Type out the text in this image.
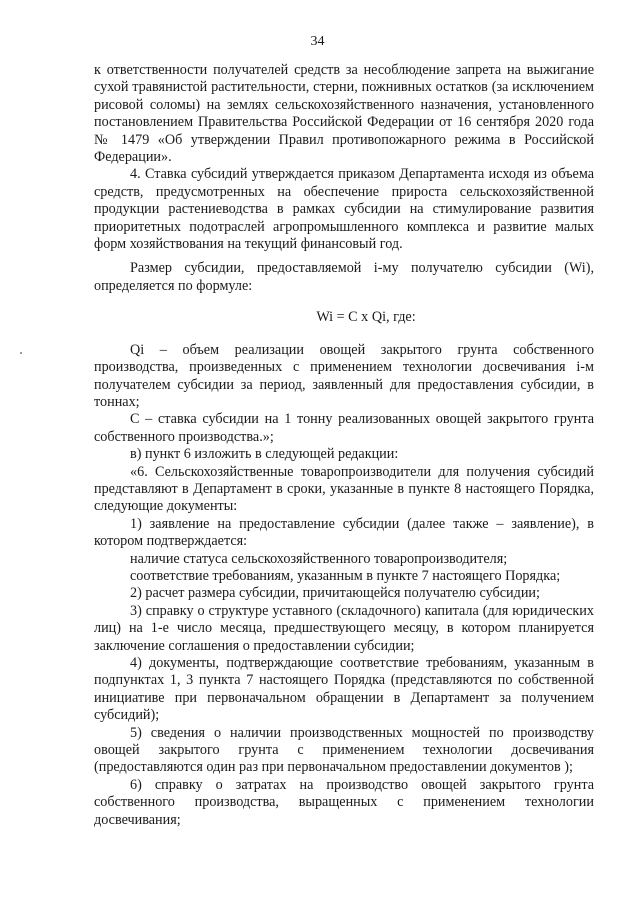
34

к ответственности получателей средств за несоблюдение запрета на выжигание сухой травянистой растительности, стерни, пожнивных остатков (за исключением рисовой соломы) на землях сельскохозяйственного назначения, установленного постановлением Правительства Российской Федерации от 16 сентября 2020 года № 1479 «Об утверждении Правил противопожарного режима в Российской Федерации».

4. Ставка субсидий утверждается приказом Департамента исходя из объема средств, предусмотренных на обеспечение прироста сельскохозяйственной продукции растениеводства в рамках субсидии на стимулирование развития приоритетных подотраслей агропромышленного комплекса и развитие малых форм хозяйствования на текущий финансовый год.

Размер субсидии, предоставляемой i-му получателю субсидии (Wi), определяется по формуле:

Wi = C x Qi, где:

Qi – объем реализации овощей закрытого грунта собственного производства, произведенных с применением технологии досвечивания i-м получателем субсидии за период, заявленный для предоставления субсидии, в тоннах;

С – ставка субсидии на 1 тонну реализованных овощей закрытого грунта собственного производства.»;

в) пункт 6 изложить в следующей редакции:

«6. Сельскохозяйственные товаропроизводители для получения субсидий представляют в Департамент в сроки, указанные в пункте 8 настоящего Порядка, следующие документы:

1) заявление на предоставление субсидии (далее также – заявление), в котором подтверждается:

наличие статуса сельскохозяйственного товаропроизводителя;

соответствие требованиям, указанным в пункте 7 настоящего Порядка;

2) расчет размера субсидии, причитающейся получателю субсидии;

3) справку о структуре уставного (складочного) капитала (для юридических лиц) на 1-е число месяца, предшествующего месяцу, в котором планируется заключение соглашения о предоставлении субсидии;

4) документы, подтверждающие соответствие требованиям, указанным в подпунктах 1, 3 пункта 7 настоящего Порядка (представляются по собственной инициативе при первоначальном обращении в Департамент за получением субсидий);

5) сведения о наличии производственных мощностей по производству овощей закрытого грунта с применением технологии досвечивания (предоставляются один раз при первоначальном предоставлении документов );

6) справку о затратах на производство овощей закрытого грунта собственного производства, выращенных с применением технологии досвечивания;
